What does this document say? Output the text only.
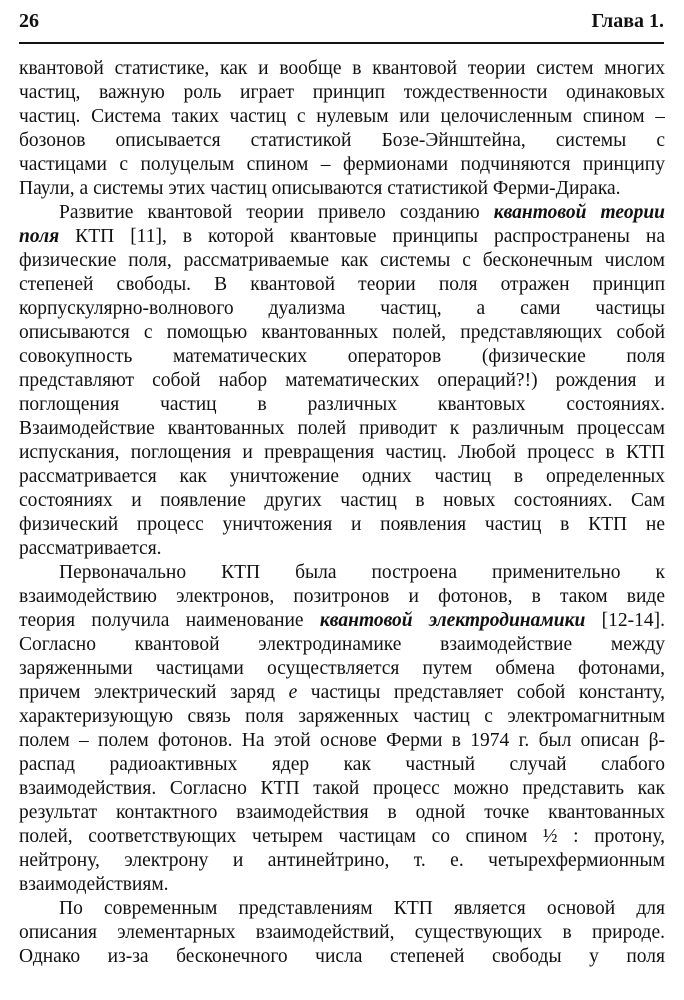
26	Глава 1.
квантовой статистике, как и вообще в квантовой теории систем многих
частиц, важную роль играет принцип тождественности одинаковых
частиц. Система таких частиц с нулевым или целочисленным спином –
бозонов описывается статистикой Бозе-Эйнштейна, системы с
частицами с полуцелым спином – фермионами подчиняются принципу
Паули, а системы этих частиц описываются статистикой Ферми-Дирака.
Развитие квантовой теории привело созданию квантовой теории
поля КТП [11], в которой квантовые принципы распространены на
физические поля, рассматриваемые как системы с бесконечным числом
степеней свободы. В квантовой теории поля отражен принцип
корпускулярно-волнового дуализма частиц, а сами частицы
описываются с помощью квантованных полей, представляющих собой
совокупность математических операторов (физические поля
представляют собой набор математических операций?!) рождения и
поглощения частиц в различных квантовых состояниях.
Взаимодействие квантованных полей приводит к различным процессам
испускания, поглощения и превращения частиц. Любой процесс в КТП
рассматривается как уничтожение одних частиц в определенных
состояниях и появление других частиц в новых состояниях. Сам
физический процесс уничтожения и появления частиц в КТП не
рассматривается.
Первоначально КТП была построена применительно к
взаимодействию электронов, позитронов и фотонов, в таком виде
теория получила наименование квантовой электродинамики [12-14].
Согласно квантовой электродинамике взаимодействие между
заряженными частицами осуществляется путем обмена фотонами,
причем электрический заряд е частицы представляет собой константу,
характеризующую связь поля заряженных частиц с электромагнитным
полем – полем фотонов. На этой основе Ферми в 1974 г. был описан β-
распад радиоактивных ядер как частный случай слабого
взаимодействия. Согласно КТП такой процесс можно представить как
результат контактного взаимодействия в одной точке квантованных
полей, соответствующих четырем частицам со спином ½ : протону,
нейтрону, электрону и антинейтрино, т. е. четырехфермионным
взаимодействиям.
По современным представлениям КТП является основой для
описания элементарных взаимодействий, существующих в природе.
Однако из-за бесконечного числа степеней свободы у поля
